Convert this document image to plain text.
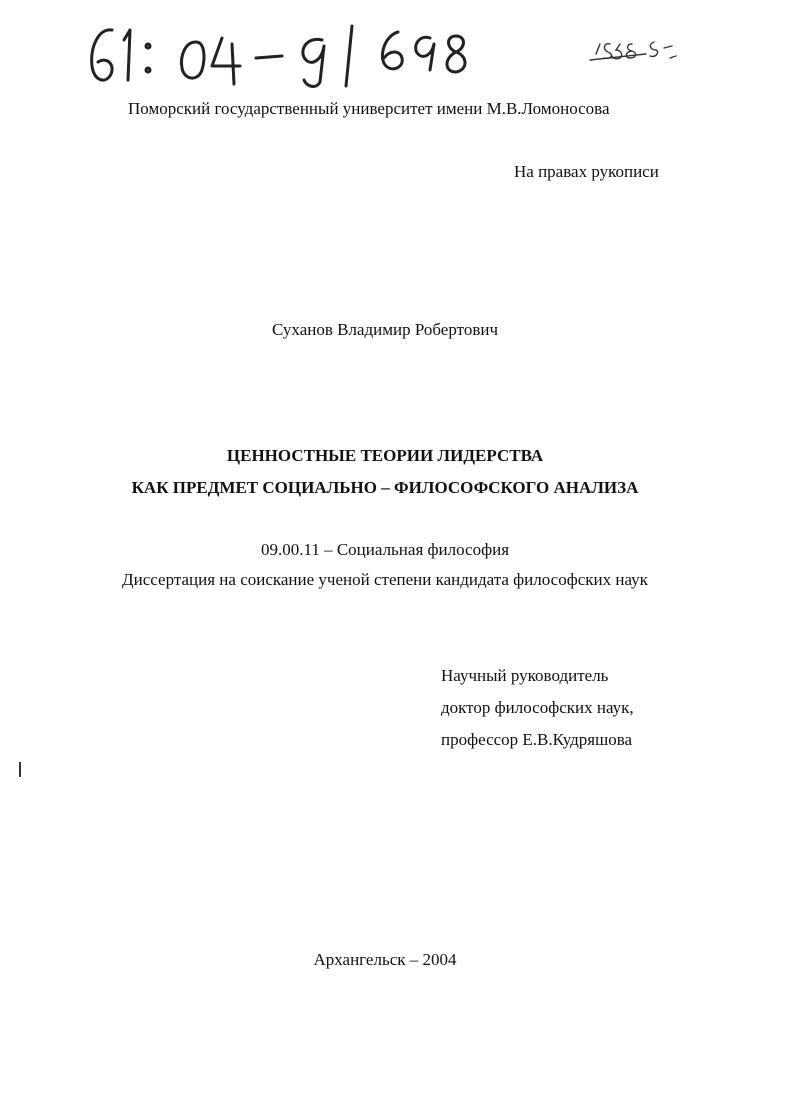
Поморский государственный университет имени М.В.Ломоносова
На правах рукописи
Суханов Владимир Робертович
ЦЕННОСТНЫЕ ТЕОРИИ ЛИДЕРСТВА
КАК ПРЕДМЕТ СОЦИАЛЬНО – ФИЛОСОФСКОГО АНАЛИЗА
09.00.11 – Социальная философия
Диссертация на соискание ученой степени кандидата философских наук
Научный руководитель
доктор философских наук,
профессор Е.В.Кудряшова
Архангельск – 2004
